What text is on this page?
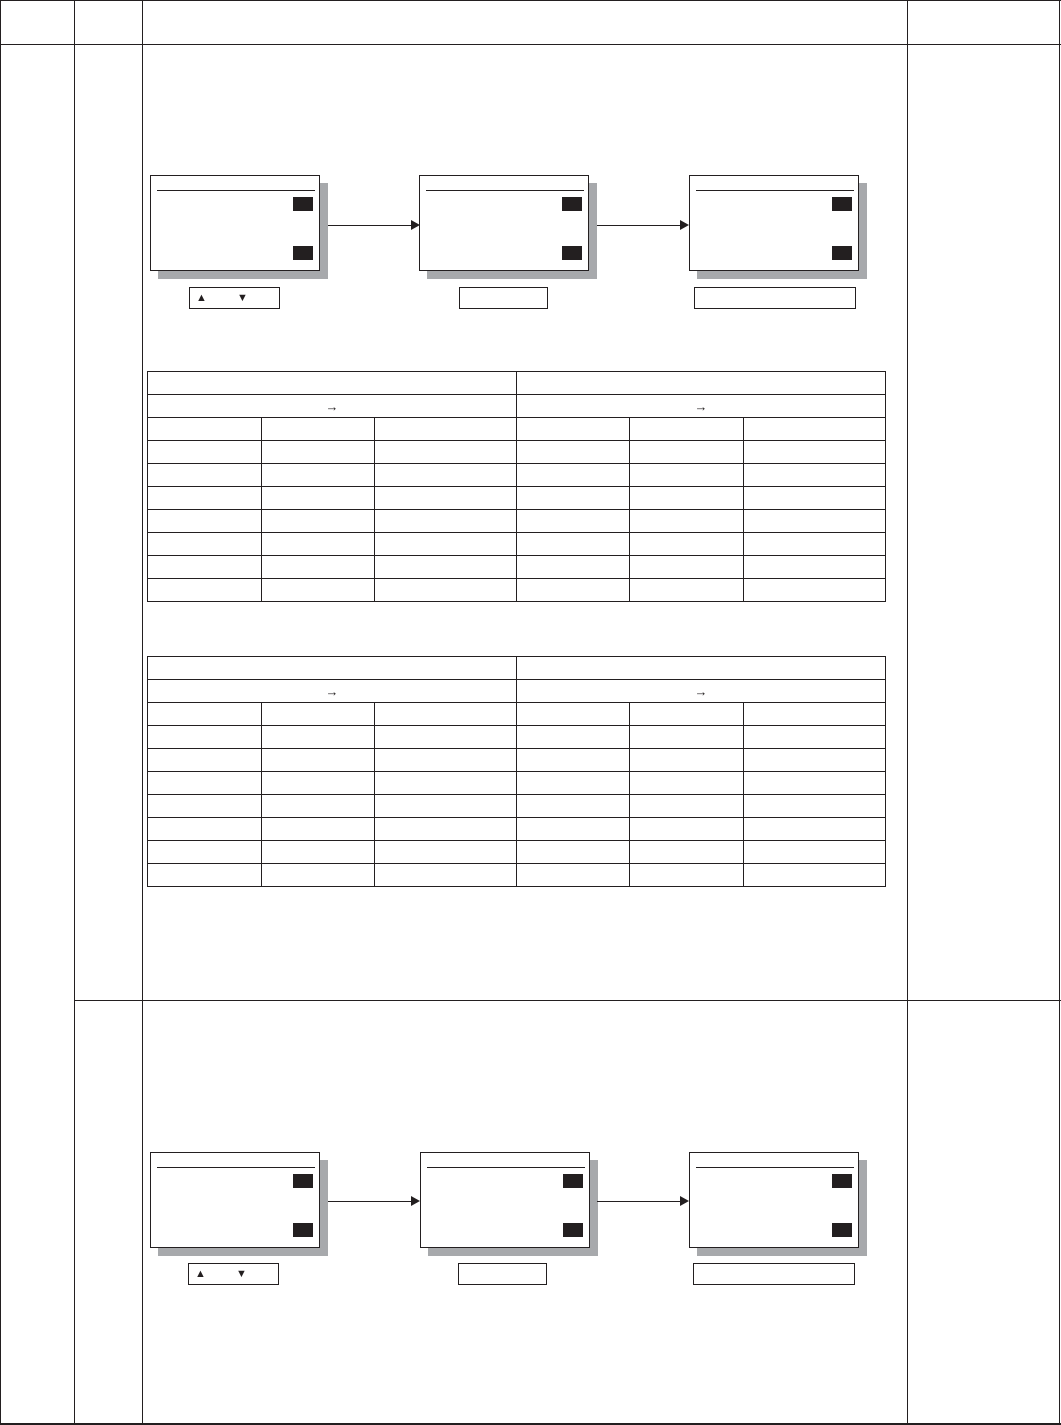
▲	▼

→			→		

→			→		

▲	▼
